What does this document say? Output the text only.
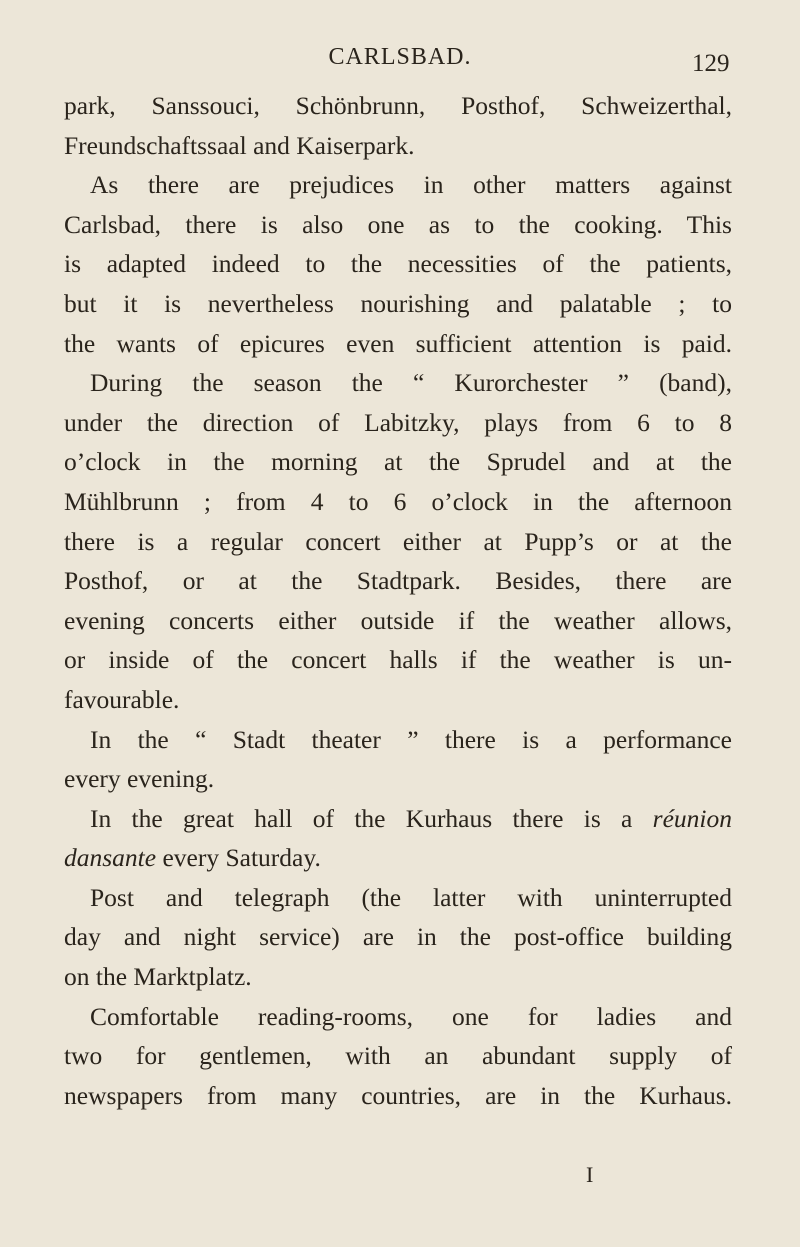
CARLSBAD.	129
park, Sanssouci, Schönbrunn, Posthof, Schweizerthal,
Freundschaftssaal and Kaiserpark.
As there are prejudices in other matters against
Carlsbad, there is also one as to the cooking. This
is adapted indeed to the necessities of the patients,
but it is nevertheless nourishing and palatable ; to
the wants of epicures even sufficient attention is paid.
During the season the “ Kurorchester ” (band),
under the direction of Labitzky, plays from 6 to 8
o’clock in the morning at the Sprudel and at the
Mühlbrunn ; from 4 to 6 o’clock in the afternoon
there is a regular concert either at Pupp’s or at the
Posthof, or at the Stadtpark. Besides, there are
evening concerts either outside if the weather allows,
or inside of the concert halls if the weather is un-
favourable.
In the “ Stadt theater ” there is a performance
every evening.
In the great hall of the Kurhaus there is a réunion
dansante every Saturday.
Post and telegraph (the latter with uninterrupted
day and night service) are in the post-office building
on the Marktplatz.
Comfortable reading-rooms, one for ladies and
two for gentlemen, with an abundant supply of
newspapers from many countries, are in the Kurhaus.
I
